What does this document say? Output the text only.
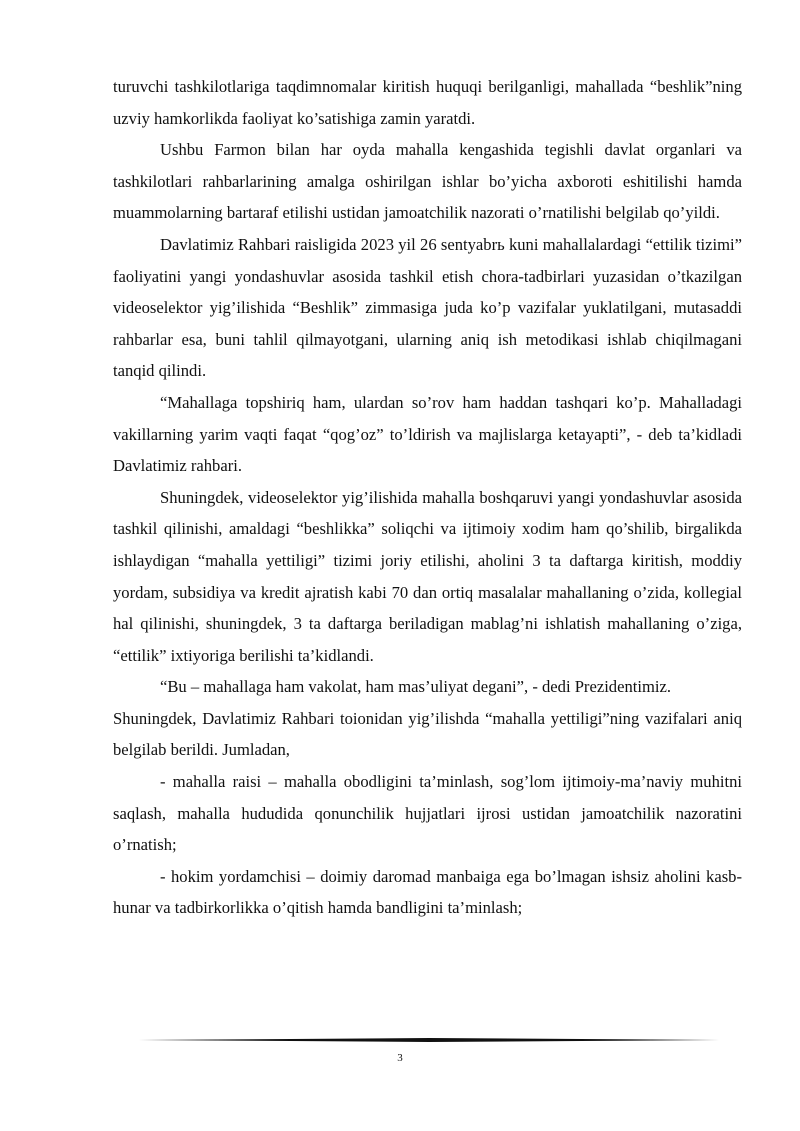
turuvchi tashkilotlariga taqdimnomalar kiritish huquqi berilganligi, mahallada “beshlik”ning uzviy hamkorlikda faoliyat ko’satishiga zamin yaratdi.

Ushbu Farmon bilan har oyda mahalla kengashida tegishli davlat organlari va tashkilotlari rahbarlarining amalga oshirilgan ishlar bo’yicha axboroti eshitilishi hamda muammolarning bartaraf etilishi ustidan jamoatchilik nazorati o’rnatilishi belgilab qo’yildi.

Davlatimiz Rahbari raisligida 2023 yil 26 sentyabrь kuni mahallalardagi “ettilik tizimi” faoliyatini yangi yondashuvlar asosida tashkil etish chora-tadbirlari yuzasidan o’tkazilgan videoselektor yig’ilishida “Beshlik” zimmasiga juda ko’p vazifalar yuklatilgani, mutasaddi rahbarlar esa, buni tahlil qilmayotgani, ularning aniq ish metodikasi ishlab chiqilmagani tanqid qilindi.

“Mahallaga topshiriq ham, ulardan so’rov ham haddan tashqari ko’p. Mahalladagi vakillarning yarim vaqti faqat “qog’oz” to’ldirish va majlislarga ketayapti”, - deb ta’kidladi Davlatimiz rahbari.

Shuningdek, videoselektor yig’ilishida mahalla boshqaruvi yangi yondashuvlar asosida tashkil qilinishi, amaldagi “beshlikka” soliqchi va ijtimoiy xodim ham qo’shilib, birgalikda ishlaydigan “mahalla yettiligi” tizimi joriy etilishi, aholini 3 ta daftarga kiritish, moddiy yordam, subsidiya va kredit ajratish kabi 70 dan ortiq masalalar mahallaning o’zida, kollegial hal qilinishi, shuningdek, 3 ta daftarga beriladigan mablag’ni ishlatish mahallaning o’ziga, “ettilik” ixtiyoriga berilishi ta’kidlandi.

“Bu – mahallaga ham vakolat, ham mas’uliyat degani”, - dedi Prezidentimiz.

Shuningdek, Davlatimiz Rahbari toionidan yig’ilishda “mahalla yettiligi”ning vazifalari aniq belgilab berildi. Jumladan,

- mahalla raisi – mahalla obodligini ta’minlash, sog’lom ijtimoiy-ma’naviy muhitni saqlash, mahalla hududida qonunchilik hujjatlari ijrosi ustidan jamoatchilik nazoratini o’rnatish;

- hokim yordamchisi – doimiy daromad manbaiga ega bo’lmagan ishsiz aholini kasb-hunar va tadbirkorlikka o’qitish hamda bandligini ta’minlash;

3
